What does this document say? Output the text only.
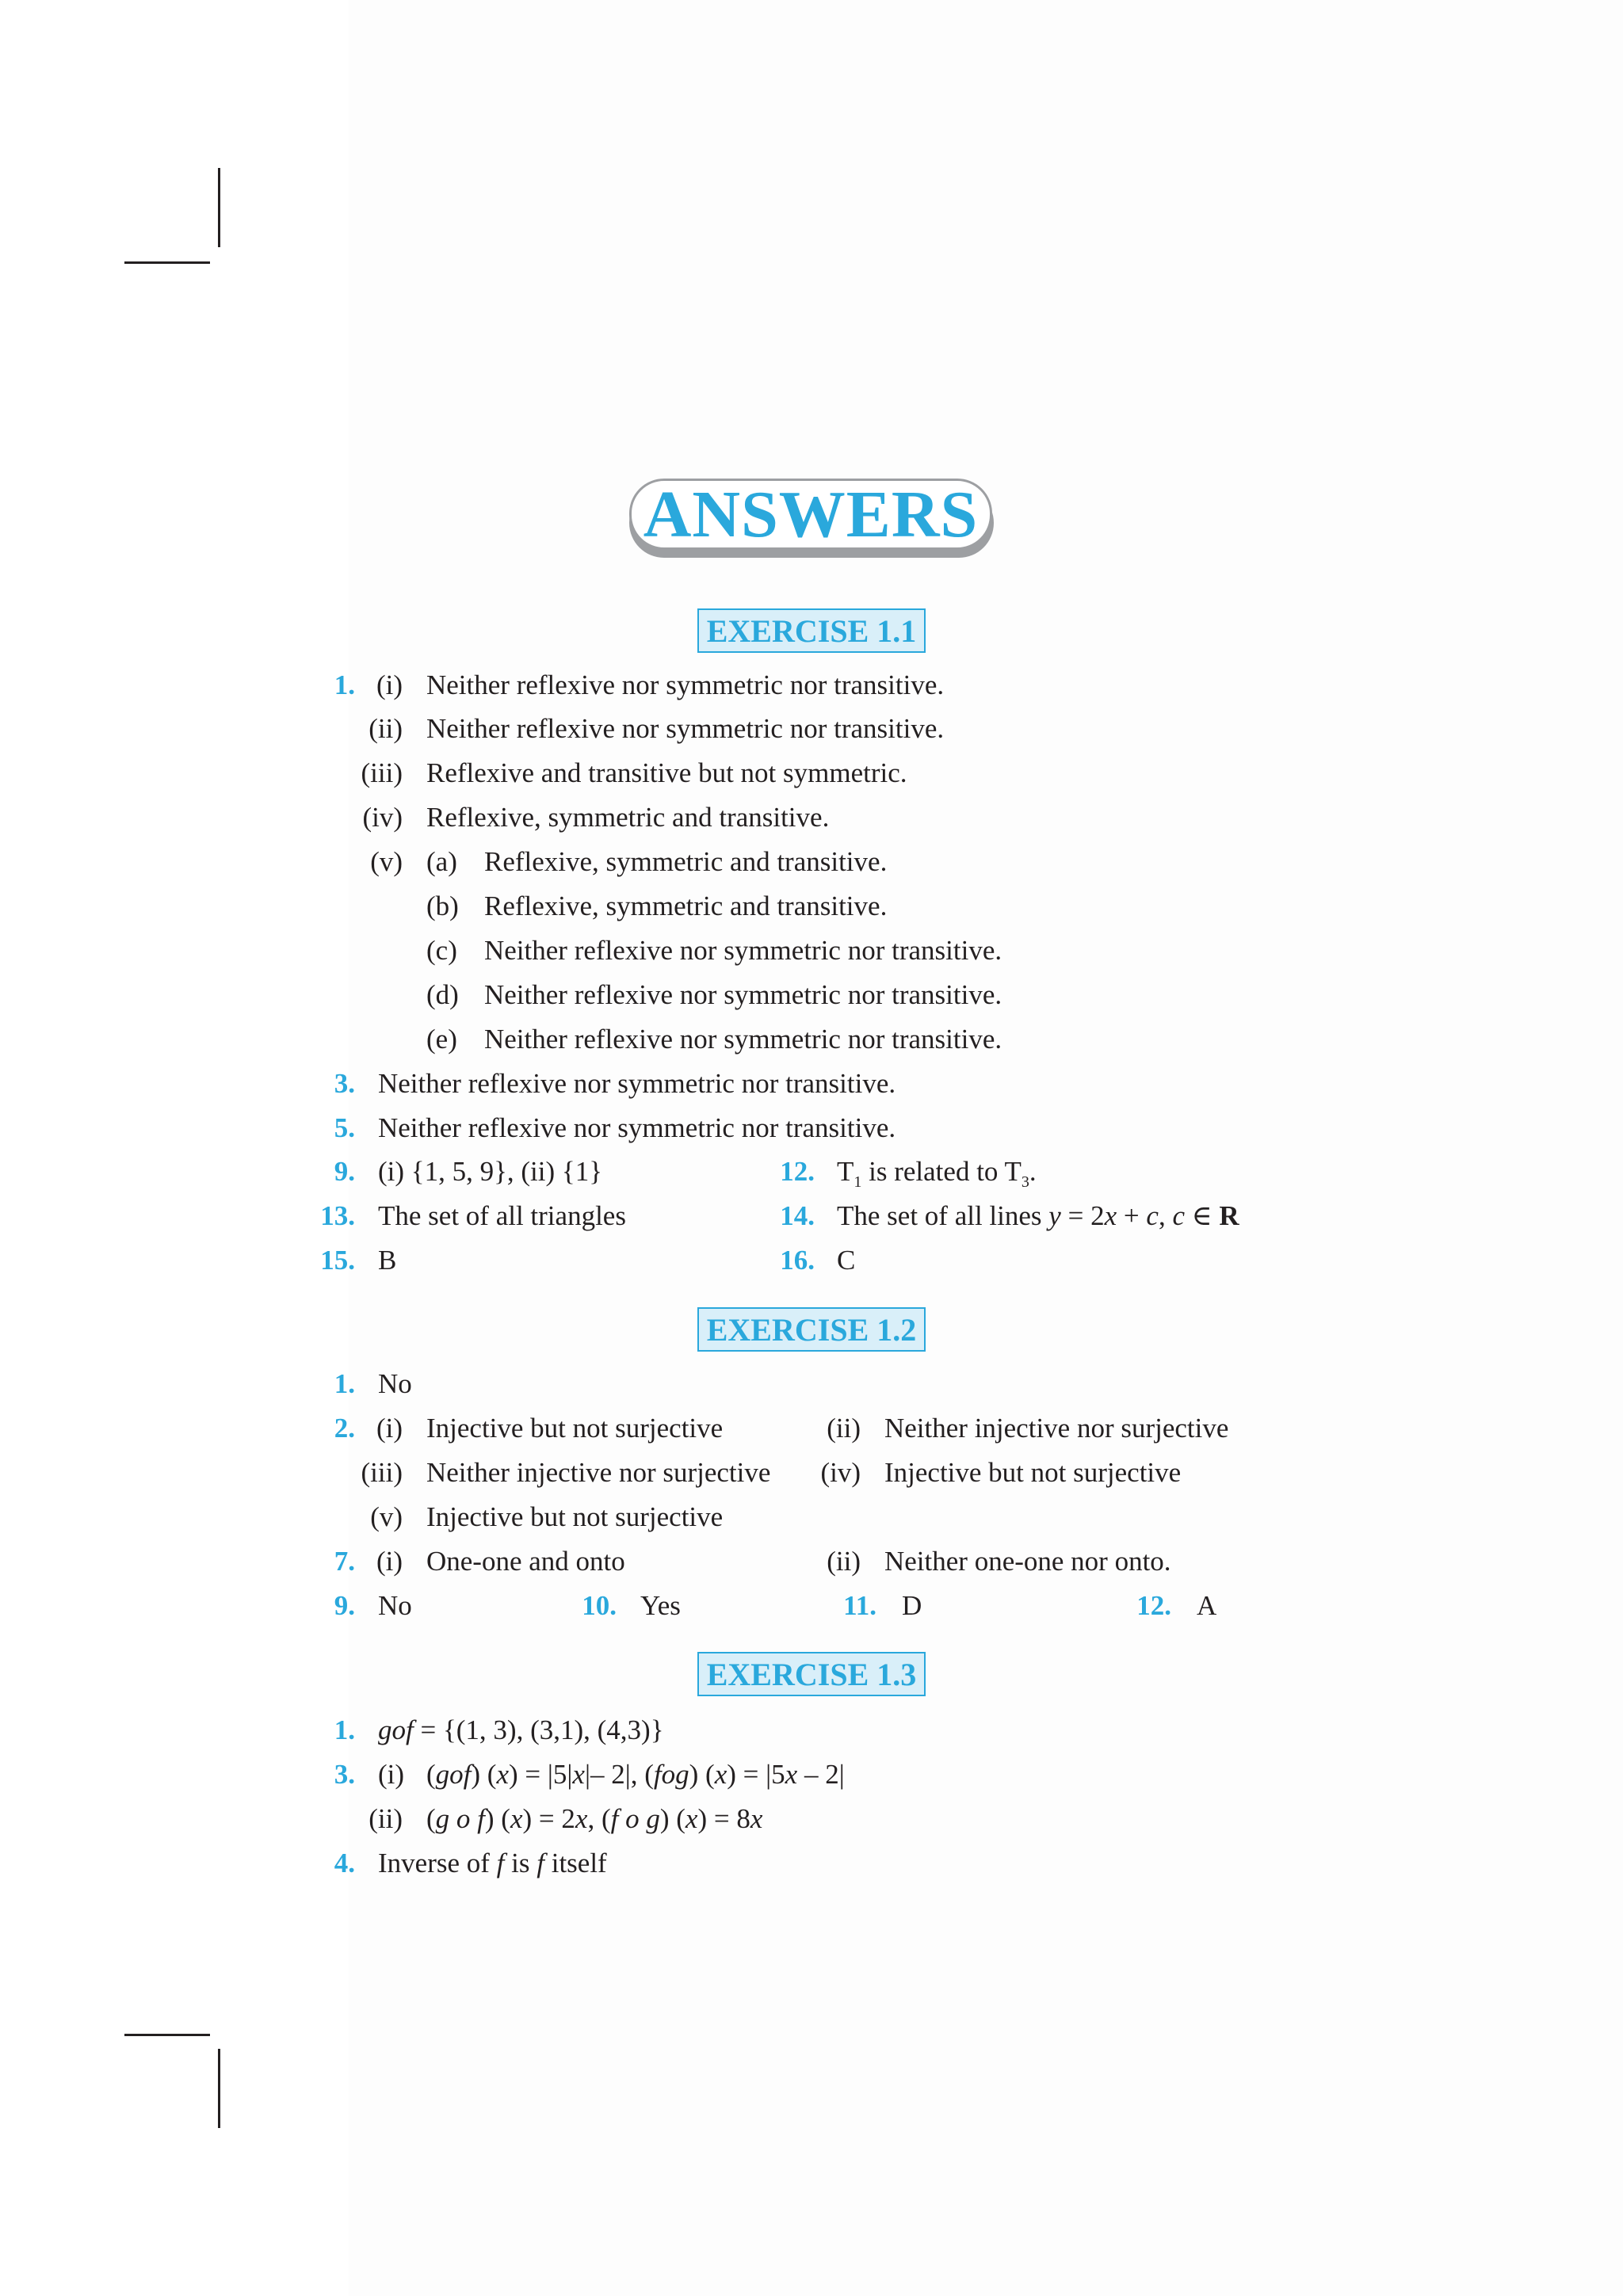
ANSWERS
EXERCISE 1.1
1. (i) Neither reflexive nor symmetric nor transitive.
(ii) Neither reflexive nor symmetric nor transitive.
(iii) Reflexive and transitive but not symmetric.
(iv) Reflexive, symmetric and transitive.
(v) (a) Reflexive, symmetric and transitive.
(b) Reflexive, symmetric and transitive.
(c) Neither reflexive nor symmetric nor transitive.
(d) Neither reflexive nor symmetric nor transitive.
(e) Neither reflexive nor symmetric nor transitive.
3. Neither reflexive nor symmetric nor transitive.
5. Neither reflexive nor symmetric nor transitive.
9. (i) {1, 5, 9}, (ii) {1}	12. $T_1$ is related to $T_3$.
13. The set of all triangles	14. The set of all lines y = 2x + c, c ∈ R
15. B	16. C
EXERCISE 1.2
1. No
2. (i) Injective but not surjective	(ii) Neither injective nor surjective
(iii) Neither injective nor surjective	(iv) Injective but not surjective
(v) Injective but not surjective
7. (i) One-one and onto	(ii) Neither one-one nor onto.
9. No	10. Yes	11. D	12. A
EXERCISE 1.3
1. gof = {(1, 3), (3,1), (4,3)}
3. (i) (gof) (x) = |5|x|– 2|, (fog) (x) = |5x – 2|
(ii) (g o f) (x) = 2x, (f o g) (x) = 8x
4. Inverse of f is f itself
